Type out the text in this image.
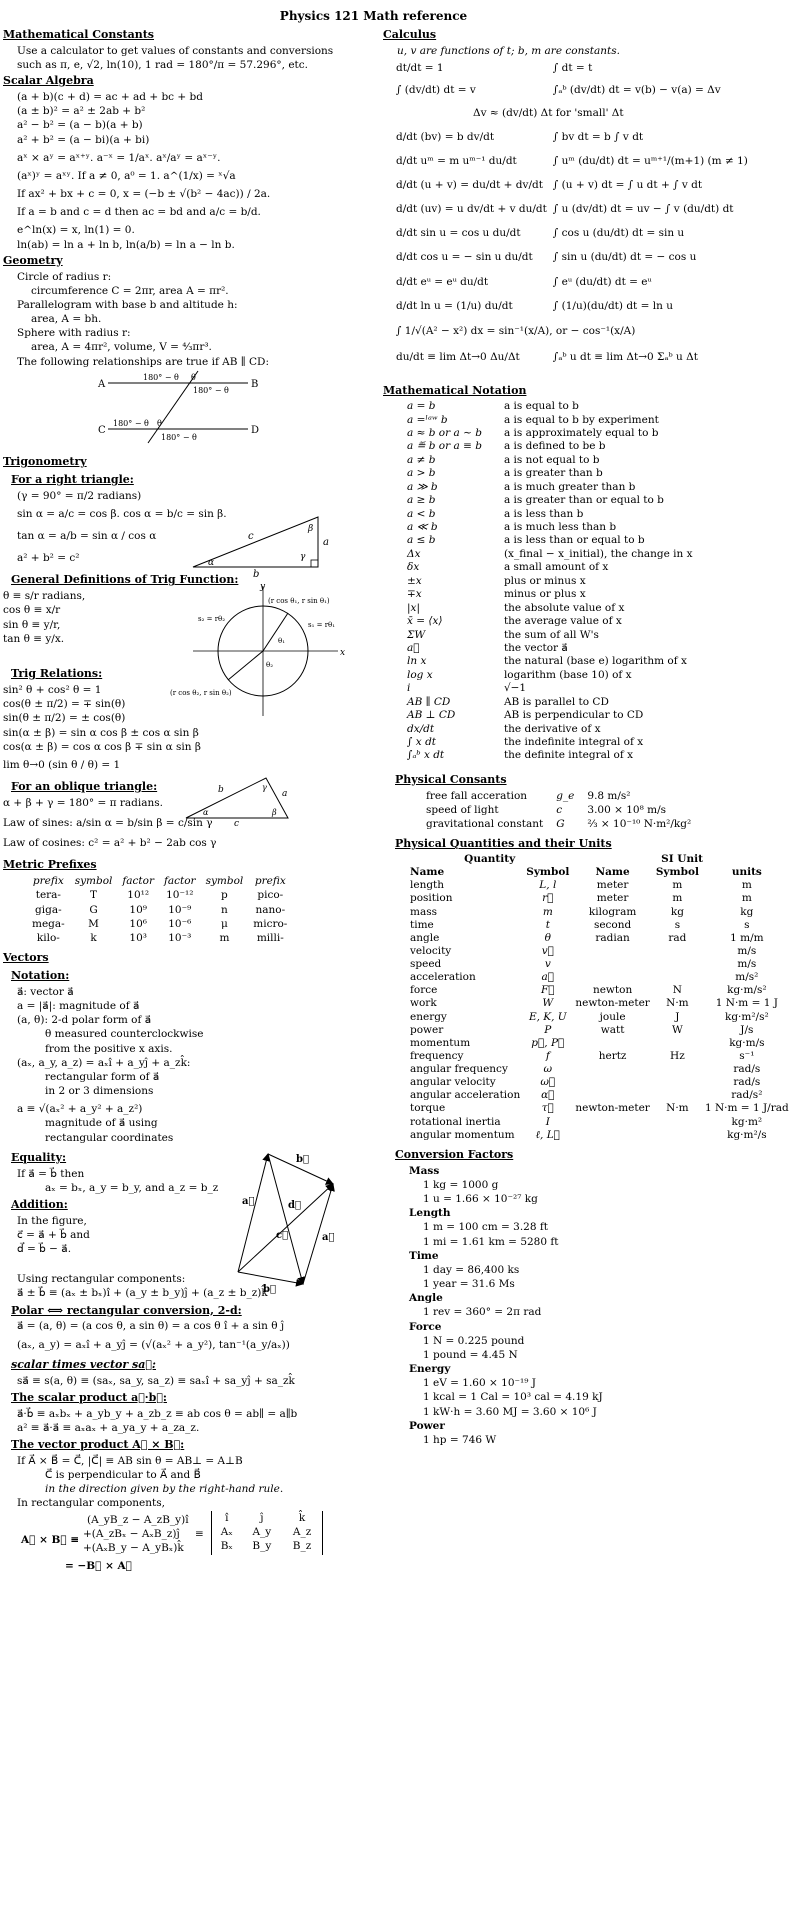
Physics 121 Math reference
Mathematical Constants
Use a calculator to get values of constants and conversions
such as π, e, √2, ln(10), 1 rad = 180°/π = 57.296°, etc.
Scalar Algebra
(a + b)(c + d) = ac + ad + bc + bd
(a ± b)² = a² ± 2ab + b²
a² − b² = (a − b)(a + b)
a² + b² = (a − bi)(a + bi)
aˣ × aʸ = aˣ⁺ʸ. a⁻ˣ = 1/aˣ. aˣ/aʸ = aˣ⁻ʸ.
(aˣ)ʸ = aˣʸ. If a ≠ 0, a⁰ = 1. a^(1/x) = ˣ√a
If ax² + bx + c = 0, x = (−b ± √(b² − 4ac)) / 2a.
If a = b and c = d then ac = bd and a/c = b/d.
e^ln(x) = x, ln(1) = 0.
ln(ab) = ln a + ln b, ln(a/b) = ln a − ln b.
Geometry
Circle of radius r:
circumference C = 2πr, area A = πr².
Parallelogram with base b and altitude h:
area, A = bh.
Sphere with radius r:
area, A = 4πr², volume, V = ⁴⁄₃πr³.
The following relationships are true if AB ∥ CD:
A	B
C	D
180° − θ θ
180° − θ
180° − θ θ
180° − θ
Trigonometry
For a right triangle:
(γ = 90° = π/2 radians)
sin α = a/c = cos β. cos α = b/c = sin β.
tan α = a/b = sin α / cos α
a² + b² = c²
a
b
c
α
β
γ
General Definitions of Trig Function:
θ ≡ s/r radians,
cos θ ≡ x/r
sin θ ≡ y/r,
tan θ ≡ y/x.
y
x
(r cos θ₁, r sin θ₁)
(r cos θ₂, r sin θ₂)
s₁ = rθ₁
s₂ = rθ₂
θ₁
θ₂
Trig Relations:
sin² θ + cos² θ = 1
cos(θ ± π/2) = ∓ sin(θ)
sin(θ ± π/2) = ± cos(θ)
sin(α ± β) = sin α cos β ± cos α sin β
cos(α ± β) = cos α cos β ∓ sin α sin β
lim θ→0 (sin θ / θ) = 1
For an oblique triangle:
α + β + γ = 180° = π radians.
Law of sines: a/sin α = b/sin β = c/sin γ
Law of cosines: c² = a² + b² − 2ab cos γ
b	a
c
α	β
γ
Metric Prefixes
prefix	symbol	factor	factor	symbol	prefix
tera-	T	10¹²	10⁻¹²	p	pico-
giga-	G	10⁹	10⁻⁹	n	nano-
mega-	M	10⁶	10⁻⁶	μ	micro-
kilo-	k	10³	10⁻³	m	milli-
Vectors
Notation:
a⃗: vector a⃗
a = |a⃗|: magnitude of a⃗
(a, θ): 2-d polar form of a⃗
θ measured counterclockwise
from the positive x axis.
(aₓ, a_y, a_z) = aₓî + a_yĵ + a_zk̂:
rectangular form of a⃗
in 2 or 3 dimensions
a ≡ √(aₓ² + a_y² + a_z²)
magnitude of a⃗ using
rectangular coordinates
Equality:
If a⃗ = b⃗ then
aₓ = bₓ, a_y = b_y, and a_z = b_z
Addition:
In the figure,
c⃗ = a⃗ + b⃗ and
d⃗ = b⃗ − a⃗.
a⃗
b⃗
b⃗
a⃗
c⃗
d⃗
Using rectangular components:
a⃗ ± b⃗ ≡ (aₓ ± bₓ)î + (a_y ± b_y)ĵ + (a_z ± b_z)k̂
Polar ⟺ rectangular conversion, 2-d:
a⃗ = (a, θ) = (a cos θ, a sin θ) = a cos θ î + a sin θ ĵ
(aₓ, a_y) = aₓî + a_yĵ = (√(aₓ² + a_y²), tan⁻¹(a_y/aₓ))
scalar times vector sa⃗:
sa⃗ ≡ s(a, θ) ≡ (saₓ, sa_y, sa_z) ≡ saₓî + sa_yĵ + sa_zk̂
The scalar product a⃗·b⃗:
a⃗·b⃗ ≡ aₓbₓ + a_yb_y + a_zb_z ≡ ab cos θ = ab∥ = a∥b
a² ≡ a⃗·a⃗ ≡ aₓaₓ + a_ya_y + a_za_z.
The vector product A⃗ × B⃗:
If A⃗ × B⃗ = C⃗, |C⃗| ≡ AB sin θ = AB⊥ = A⊥B
C⃗ is perpendicular to A⃗ and B⃗
in the direction given by the right-hand rule.
In rectangular components,
A⃗ × B⃗ ≡
(A_yB_z − A_zB_y)î
+(A_zBₓ − AₓB_z)ĵ
+(AₓB_y − A_yBₓ)k̂
≡
î	ĵ	k̂
Aₓ	A_y	A_z
Bₓ	B_y	B_z
= −B⃗ × A⃗
Calculus
u, v are functions of t; b, m are constants.
dt/dt = 1	∫ dt = t
∫ (dv/dt) dt = v	∫ₐᵇ (dv/dt) dt = v(b) − v(a) = Δv
Δv ≈ (dv/dt) Δt for 'small' Δt	
d/dt (bv) = b dv/dt	∫ bv dt = b ∫ v dt
d/dt uᵐ = m uᵐ⁻¹ du/dt	∫ uᵐ (du/dt) dt = uᵐ⁺¹/(m+1) (m ≠ 1)
d/dt (u + v) = du/dt + dv/dt	∫ (u + v) dt = ∫ u dt + ∫ v dt
d/dt (uv) = u dv/dt + v du/dt	∫ u (dv/dt) dt = uv − ∫ v (du/dt) dt
d/dt sin u = cos u du/dt	∫ cos u (du/dt) dt = sin u
d/dt cos u = − sin u du/dt	∫ sin u (du/dt) dt = − cos u
d/dt eᵘ = eᵘ du/dt	∫ eᵘ (du/dt) dt = eᵘ
d/dt ln u = (1/u) du/dt	∫ (1/u)(du/dt) dt = ln u
∫ 1/√(A² − x²) dx = sin⁻¹(x/A), or − cos⁻¹(x/A)	
du/dt ≡ lim Δt→0 Δu/Δt	∫ₐᵇ u dt ≡ lim Δt→0 Σₐᵇ u Δt
Mathematical Notation
a = b	a is equal to b
a =ˡᵃʷ b	a is equal to b by experiment
a ≈ b or a ∼ b	a is approximately equal to b
a ≝ b or a ≡ b	a is defined to be b
a ≠ b	a is not equal to b
a > b	a is greater than b
a ≫ b	a is much greater than b
a ≥ b	a is greater than or equal to b
a < b	a is less than b
a ≪ b	a is much less than b
a ≤ b	a is less than or equal to b
Δx	(x_final − x_initial), the change in x
δx	a small amount of x
±x	plus or minus x
∓x	minus or plus x
|x|	the absolute value of x
x̄ = ⟨x⟩	the average value of x
ΣW	the sum of all W's
a⃗	the vector a⃗
ln x	the natural (base e) logarithm of x
log x	logarithm (base 10) of x
i	√−1
AB ∥ CD	AB is parallel to CD
AB ⊥ CD	AB is perpendicular to CD
dx/dt	the derivative of x
∫ x dt	the indefinite integral of x
∫ₐᵇ x dt	the definite integral of x
Physical Consants
free fall acceration	g_e	9.8 m/s²
speed of light	c	3.00 × 10⁸ m/s
gravitational constant	G	⅔ × 10⁻¹⁰ N·m²/kg²
Physical Quantities and their Units
Quantity		SI Unit		
Name	Symbol	Name	Symbol	units
length	L, l	meter	m	m
position	r⃗	meter	m	m
mass	m	kilogram	kg	kg
time	t	second	s	s
angle	θ	radian	rad	1 m/m
velocity	v⃗			m/s
speed	v			m/s
acceleration	a⃗			m/s²
force	F⃗	newton	N	kg·m/s²
work	W	newton-meter	N·m	1 N·m = 1 J
energy	E, K, U	joule	J	kg·m²/s²
power	P	watt	W	J/s
momentum	p⃗, P⃗			kg·m/s
frequency	f	hertz	Hz	s⁻¹
angular frequency	ω			rad/s
angular velocity	ω⃗			rad/s
angular acceleration	α⃗			rad/s²
torque	τ⃗	newton-meter	N·m	1 N·m = 1 J/rad
rotational inertia	I			kg·m²
angular momentum	ℓ, L⃗			kg·m²/s
Conversion Factors
Mass
1 kg = 1000 g
1 u = 1.66 × 10⁻²⁷ kg
Length
1 m = 100 cm = 3.28 ft
1 mi = 1.61 km = 5280 ft
Time
1 day = 86,400 ks
1 year = 31.6 Ms
Angle
1 rev = 360° = 2π rad
Force
1 N = 0.225 pound
1 pound = 4.45 N
Energy
1 eV = 1.60 × 10⁻¹⁹ J
1 kcal = 1 Cal = 10³ cal = 4.19 kJ
1 kW·h = 3.60 MJ = 3.60 × 10⁶ J
Power
1 hp = 746 W
